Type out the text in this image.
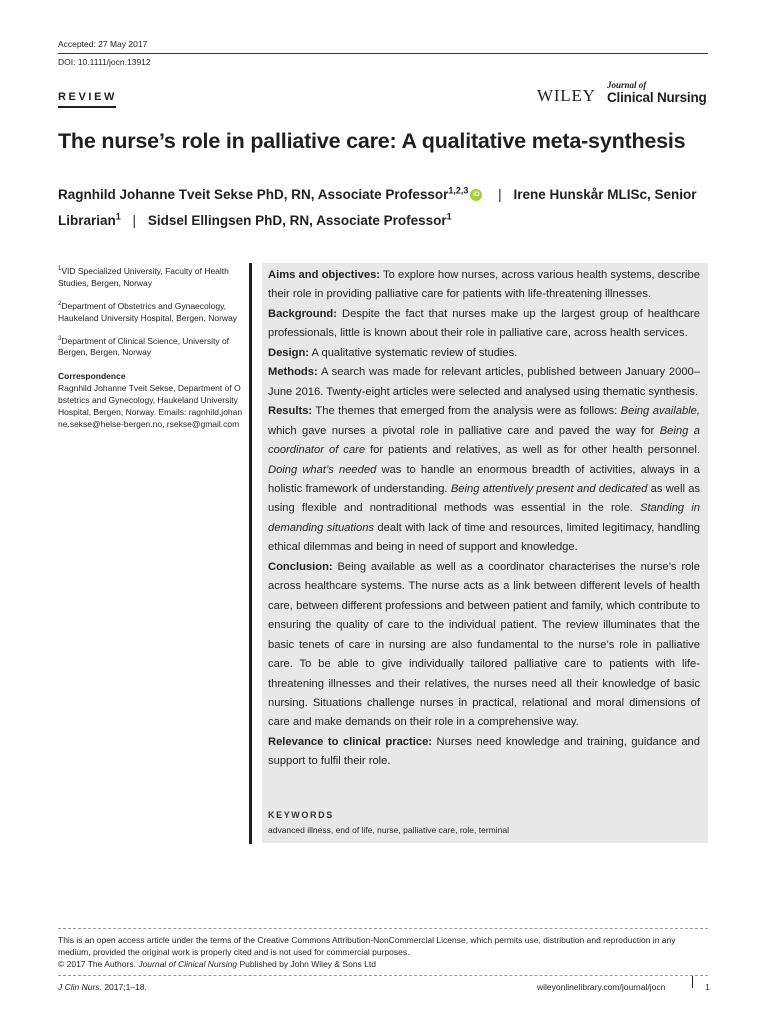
Accepted: 27 May 2017
DOI: 10.1111/jocn.13912
REVIEW	WILEY
Journal of
Clinical Nursing
The nurse’s role in palliative care: A qualitative meta-synthesis
Ragnhild Johanne Tveit Sekse PhD, RN, Associate Professor$^{1,2,3}$ iD | Irene Hunskår MLISc, Senior Librarian$^1$ | Sidsel Ellingsen PhD, RN, Associate Professor$^1$

$^1$VID Specialized University, Faculty of Health Studies, Bergen, Norway

$^2$Department of Obstetrics and Gynaecology, Haukeland University Hospital, Bergen, Norway

$^3$Department of Clinical Science, University of Bergen, Bergen, Norway

Correspondence
Ragnhild Johanne Tveit Sekse, Department of Obstetrics and Gynecology, Haukeland University Hospital, Bergen, Norway. Emails: ragnhild.johanne.sekse@helse-bergen.no, rsekse@gmail.com

Aims and objectives: To explore how nurses, across various health systems, describe their role in providing palliative care for patients with life-threatening illnesses.

Background: Despite the fact that nurses make up the largest group of healthcare professionals, little is known about their role in palliative care, across health services.

Design: A qualitative systematic review of studies.

Methods: A search was made for relevant articles, published between January 2000–June 2016. Twenty-eight articles were selected and analysed using thematic synthesis.

Results: The themes that emerged from the analysis were as follows: Being available, which gave nurses a pivotal role in palliative care and paved the way for Being a coordinator of care for patients and relatives, as well as for other health personnel. Doing what’s needed was to handle an enormous breadth of activities, always in a holistic framework of understanding. Being attentively present and dedicated as well as using flexible and nontraditional methods was essential in the role. Standing in demanding situations dealt with lack of time and resources, limited legitimacy, handling ethical dilemmas and being in need of support and knowledge.

Conclusion: Being available as well as a coordinator characterises the nurse’s role across healthcare systems. The nurse acts as a link between different levels of health care, between different professions and between patient and family, which contribute to ensuring the quality of care to the individual patient. The review illuminates that the basic tenets of care in nursing are also fundamental to the nurse’s role in palliative care. To be able to give individually tailored palliative care to patients with life-threatening illnesses and their relatives, the nurses need all their knowledge of basic nursing. Situations challenge nurses in practical, relational and moral dimensions of care and make demands on their role in a comprehensive way.

Relevance to clinical practice: Nurses need knowledge and training, guidance and support to fulfil their role.

KEYWORDS
advanced illness, end of life, nurse, palliative care, role, terminal
This is an open access article under the terms of the Creative Commons Attribution-NonCommercial License, which permits use, distribution and reproduction in any medium, provided the original work is properly cited and is not used for commercial purposes.
© 2017 The Authors. Journal of Clinical Nursing Published by John Wiley & Sons Ltd
J Clin Nurs. 2017;1–18.	wileyonlinelibrary.com/journal/jocn	1
